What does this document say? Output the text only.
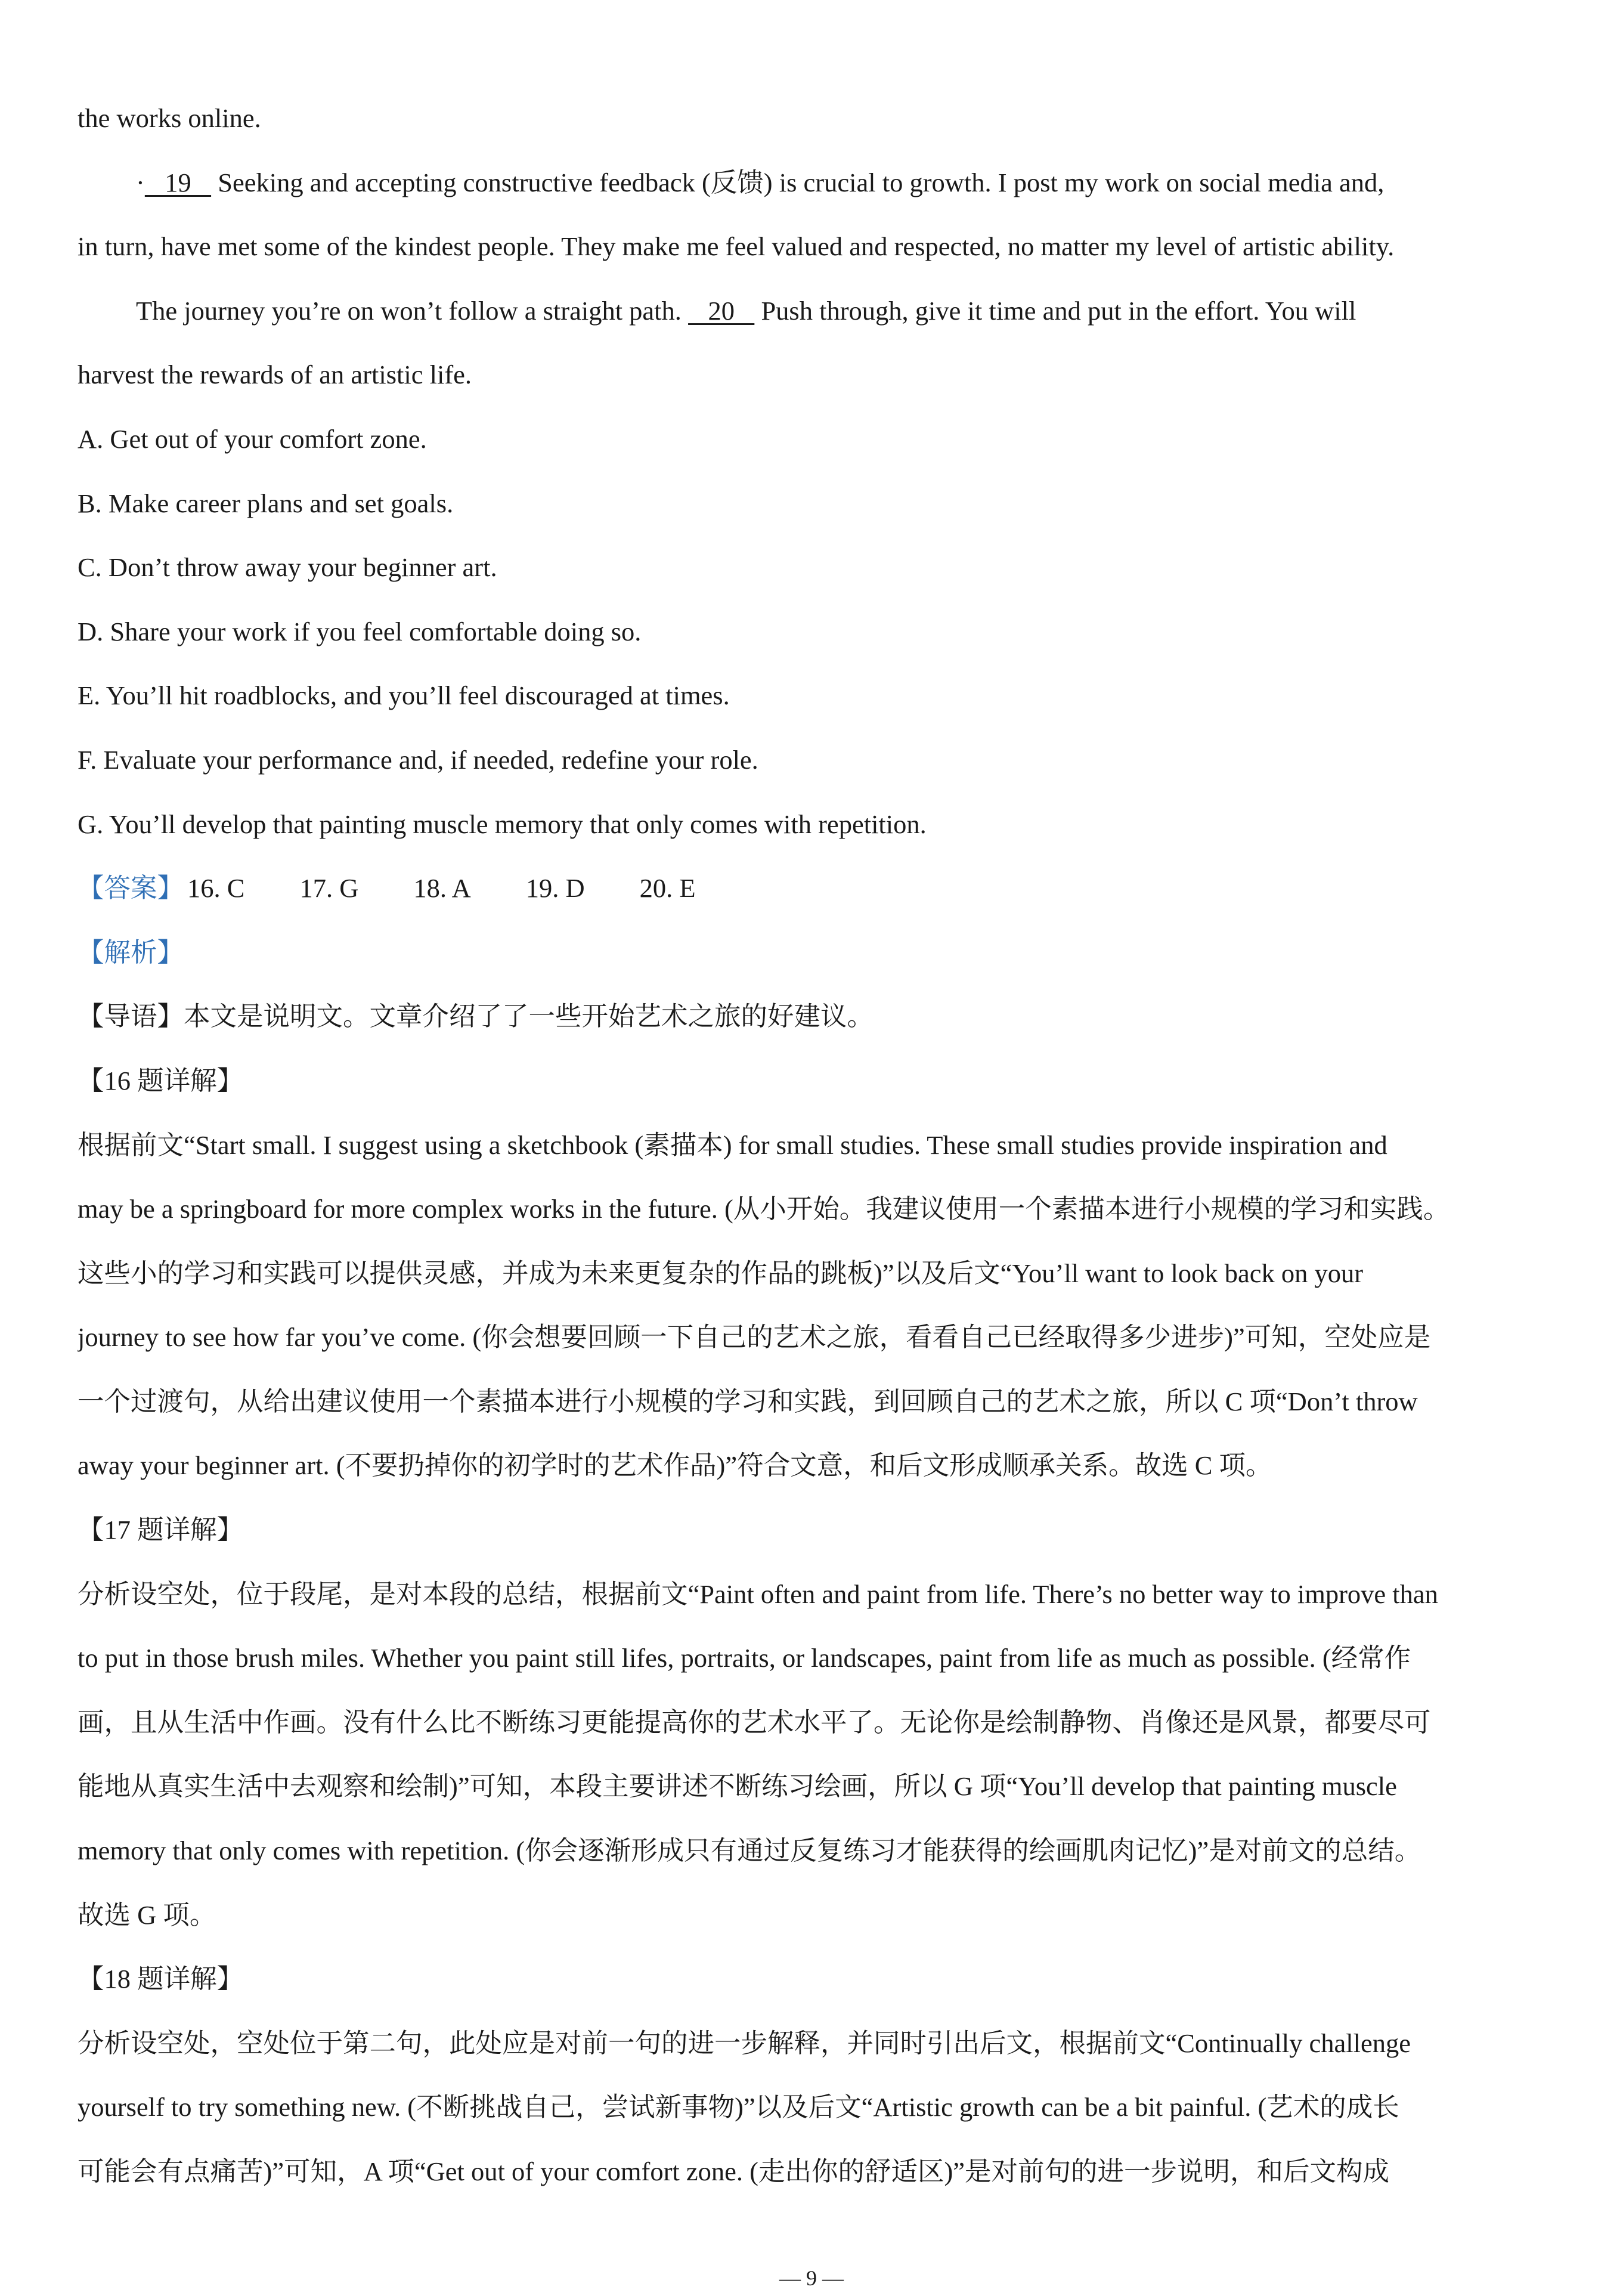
the works online.
·   19    Seeking and accepting constructive feedback (反馈) is crucial to growth. I post my work on social media and,
in turn, have met some of the kindest people. They make me feel valued and respected, no matter my level of artistic ability.
The journey you’re on won’t follow a straight path.    20    Push through, give it time and put in the effort. You will
harvest the rewards of an artistic life.
A. Get out of your comfort zone.
B. Make career plans and set goals.
C. Don’t throw away your beginner art.
D. Share your work if you feel comfortable doing so.
E. You’ll hit roadblocks, and you’ll feel discouraged at times.
F. Evaluate your performance and, if needed, redefine your role.
G. You’ll develop that painting muscle memory that only comes with repetition.
【答案】 16. C 17. G 18. A 19. D 20. E
【解析】
【导语】本文是说明文。文章介绍了了一些开始艺术之旅的好建议。
【16 题详解】
根据前文“Start small. I suggest using a sketchbook (素描本) for small studies. These small studies provide inspiration and
may be a springboard for more complex works in the future. (从小开始。我建议使用一个素描本进行小规模的学习和实践。
这些小的学习和实践可以提供灵感，并成为未来更复杂的作品的跳板)”以及后文“You’ll want to look back on your
journey to see how far you’ve come. (你会想要回顾一下自己的艺术之旅，看看自己已经取得多少进步)”可知，空处应是
一个过渡句，从给出建议使用一个素描本进行小规模的学习和实践，到回顾自己的艺术之旅，所以 C 项“Don’t throw
away your beginner art. (不要扔掉你的初学时的艺术作品)”符合文意，和后文形成顺承关系。故选 C 项。
【17 题详解】
分析设空处，位于段尾，是对本段的总结，根据前文“Paint often and paint from life. There’s no better way to improve than
to put in those brush miles. Whether you paint still lifes, portraits, or landscapes, paint from life as much as possible. (经常作
画，且从生活中作画。没有什么比不断练习更能提高你的艺术水平了。无论你是绘制静物、肖像还是风景，都要尽可
能地从真实生活中去观察和绘制)”可知，本段主要讲述不断练习绘画，所以 G 项“You’ll develop that painting muscle
memory that only comes with repetition. (你会逐渐形成只有通过反复练习才能获得的绘画肌肉记忆)”是对前文的总结。
故选 G 项。
【18 题详解】
分析设空处，空处位于第二句，此处应是对前一句的进一步解释，并同时引出后文，根据前文“Continually challenge
yourself to try something new. (不断挑战自己，尝试新事物)”以及后文“Artistic growth can be a bit painful. (艺术的成长
可能会有点痛苦)”可知，A 项“Get out of your comfort zone. (走出你的舒适区)”是对前句的进一步说明，和后文构成
— 9 —
